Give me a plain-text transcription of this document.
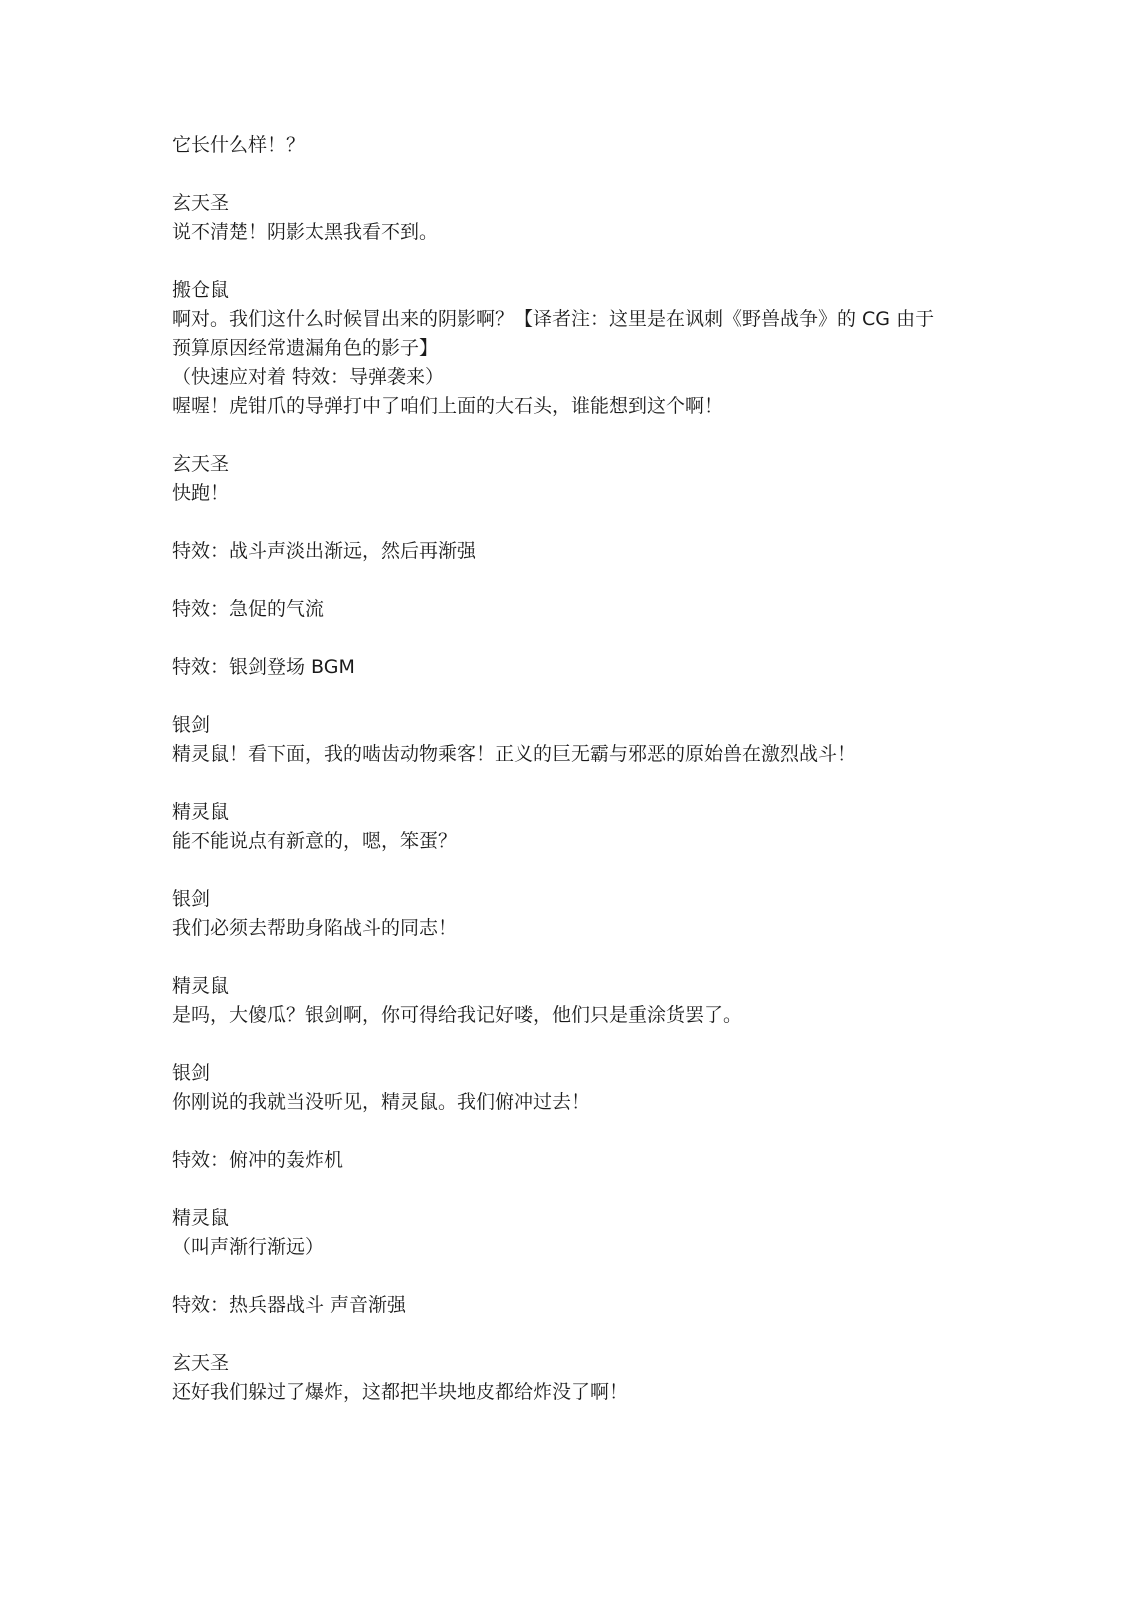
它长什么样！？
玄天圣
说不清楚！阴影太黑我看不到。
搬仓鼠
啊对。我们这什么时候冒出来的阴影啊？【译者注：这里是在讽刺《野兽战争》的 CG 由于
预算原因经常遗漏角色的影子】
（快速应对着 特效：导弹袭来）
喔喔！虎钳爪的导弹打中了咱们上面的大石头，谁能想到这个啊！
玄天圣
快跑！
特效：战斗声淡出渐远，然后再渐强
特效：急促的气流
特效：银剑登场 BGM
银剑
精灵鼠！看下面，我的啮齿动物乘客！正义的巨无霸与邪恶的原始兽在激烈战斗！
精灵鼠
能不能说点有新意的，嗯，笨蛋？
银剑
我们必须去帮助身陷战斗的同志！
精灵鼠
是吗，大傻瓜？银剑啊，你可得给我记好喽，他们只是重涂货罢了。
银剑
你刚说的我就当没听见，精灵鼠。我们俯冲过去！
特效：俯冲的轰炸机
精灵鼠
（叫声渐行渐远）
特效：热兵器战斗 声音渐强
玄天圣
还好我们躲过了爆炸，这都把半块地皮都给炸没了啊！
